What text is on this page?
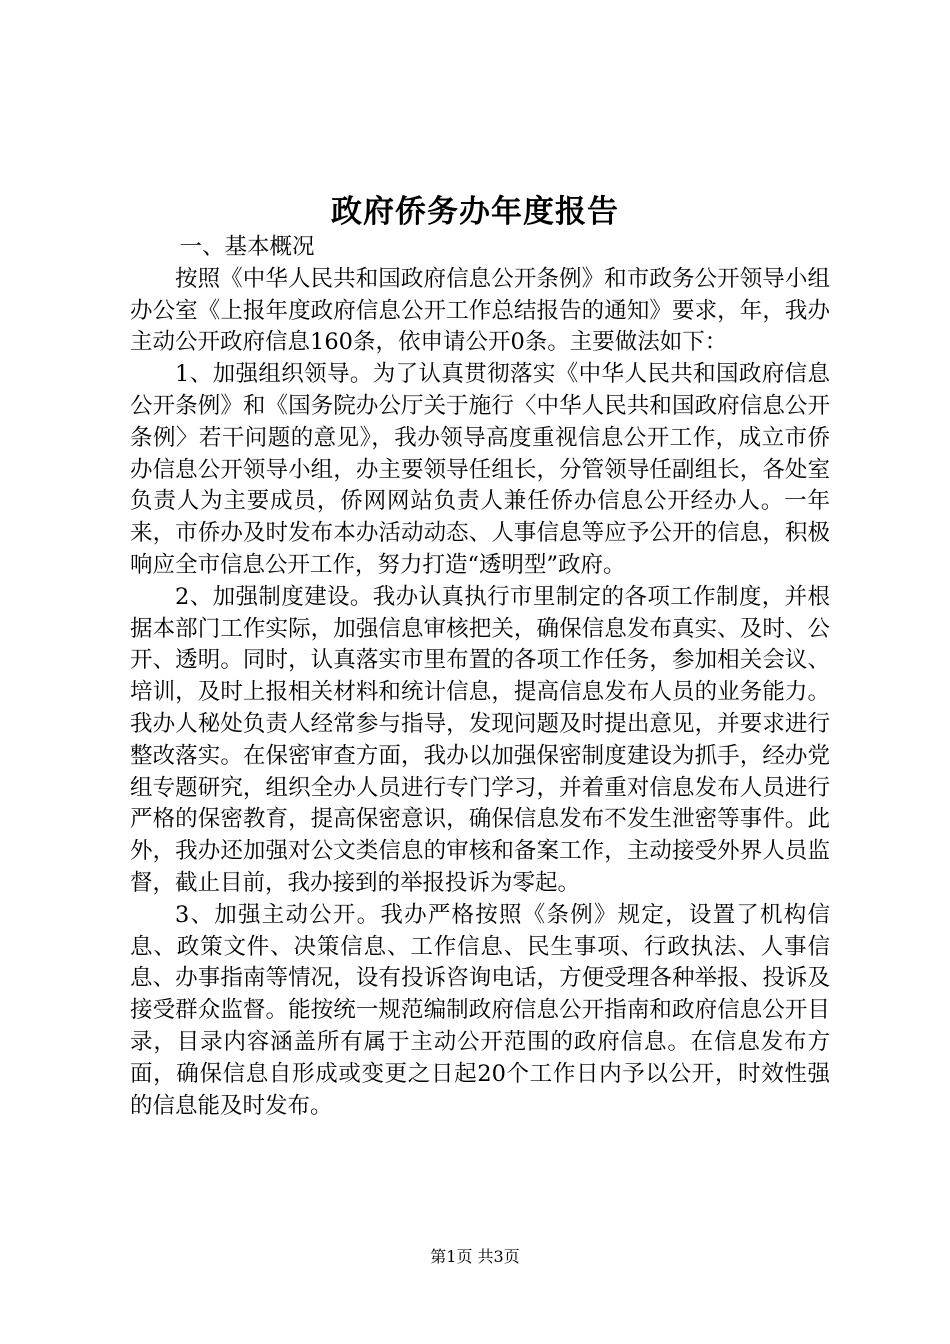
政府侨务办年度报告

一、基本概况

按照《中华人民共和国政府信息公开条例》和市政务公开领导小组办公室《上报年度政府信息公开工作总结报告的通知》要求，年，我办主动公开政府信息160条，依申请公开0条。主要做法如下：

1、加强组织领导。为了认真贯彻落实《中华人民共和国政府信息公开条例》和《国务院办公厅关于施行〈中华人民共和国政府信息公开条例〉若干问题的意见》，我办领导高度重视信息公开工作，成立市侨办信息公开领导小组，办主要领导任组长，分管领导任副组长，各处室负责人为主要成员，侨网网站负责人兼任侨办信息公开经办人。一年来，市侨办及时发布本办活动动态、人事信息等应予公开的信息，积极响应全市信息公开工作，努力打造“透明型”政府。

2、加强制度建设。我办认真执行市里制定的各项工作制度，并根据本部门工作实际，加强信息审核把关，确保信息发布真实、及时、公开、透明。同时，认真落实市里布置的各项工作任务，参加相关会议、培训，及时上报相关材料和统计信息，提高信息发布人员的业务能力。我办人秘处负责人经常参与指导，发现问题及时提出意见，并要求进行整改落实。在保密审查方面，我办以加强保密制度建设为抓手，经办党组专题研究，组织全办人员进行专门学习，并着重对信息发布人员进行严格的保密教育，提高保密意识，确保信息发布不发生泄密等事件。此外，我办还加强对公文类信息的审核和备案工作，主动接受外界人员监督，截止目前，我办接到的举报投诉为零起。

3、加强主动公开。我办严格按照《条例》规定，设置了机构信息、政策文件、决策信息、工作信息、民生事项、行政执法、人事信息、办事指南等情况，设有投诉咨询电话，方便受理各种举报、投诉及接受群众监督。能按统一规范编制政府信息公开指南和政府信息公开目录，目录内容涵盖所有属于主动公开范围的政府信息。在信息发布方面，确保信息自形成或变更之日起20个工作日内予以公开，时效性强的信息能及时发布。

第1页 共3页
